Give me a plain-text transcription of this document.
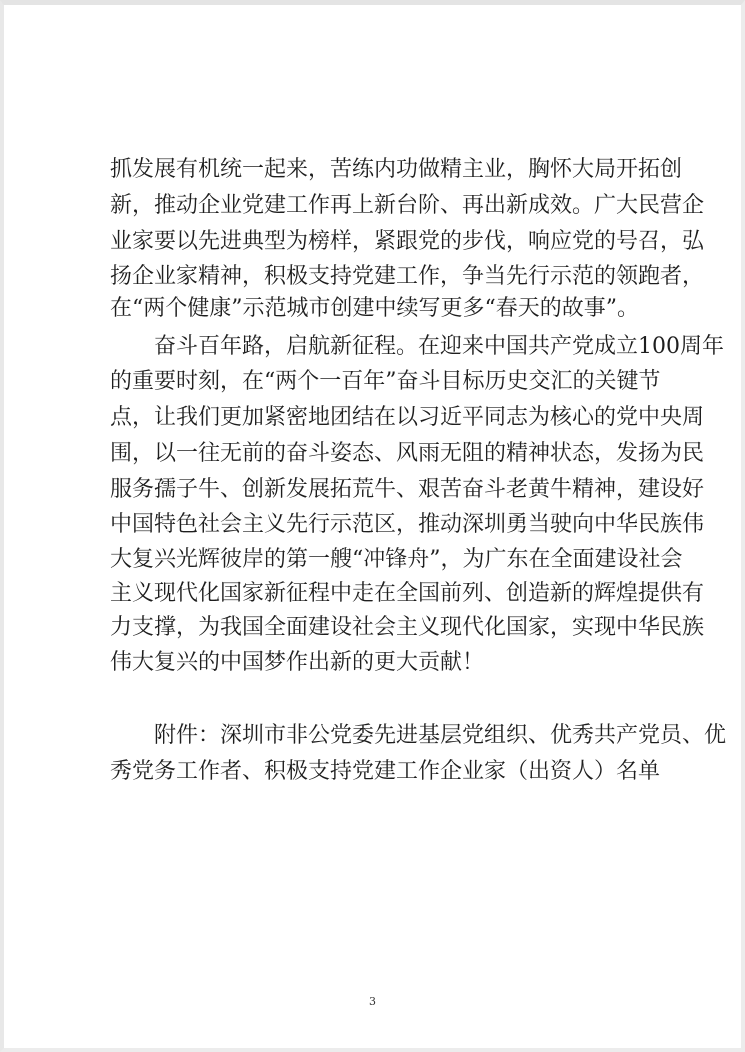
抓发展有机统一起来，苦练内功做精主业，胸怀大局开拓创
新，推动企业党建工作再上新台阶、再出新成效。广大民营企
业家要以先进典型为榜样，紧跟党的步伐，响应党的号召，弘
扬企业家精神，积极支持党建工作，争当先行示范的领跑者，
在“两个健康”示范城市创建中续写更多“春天的故事”。
奋斗百年路，启航新征程。在迎来中国共产党成立100周年
的重要时刻，在“两个一百年”奋斗目标历史交汇的关键节
点，让我们更加紧密地团结在以习近平同志为核心的党中央周
围，以一往无前的奋斗姿态、风雨无阻的精神状态，发扬为民
服务孺子牛、创新发展拓荒牛、艰苦奋斗老黄牛精神，建设好
中国特色社会主义先行示范区，推动深圳勇当驶向中华民族伟
大复兴光辉彼岸的第一艘“冲锋舟”，为广东在全面建设社会
主义现代化国家新征程中走在全国前列、创造新的辉煌提供有
力支撑，为我国全面建设社会主义现代化国家，实现中华民族
伟大复兴的中国梦作出新的更大贡献！
附件：深圳市非公党委先进基层党组织、优秀共产党员、优
秀党务工作者、积极支持党建工作企业家（出资人）名单
3
